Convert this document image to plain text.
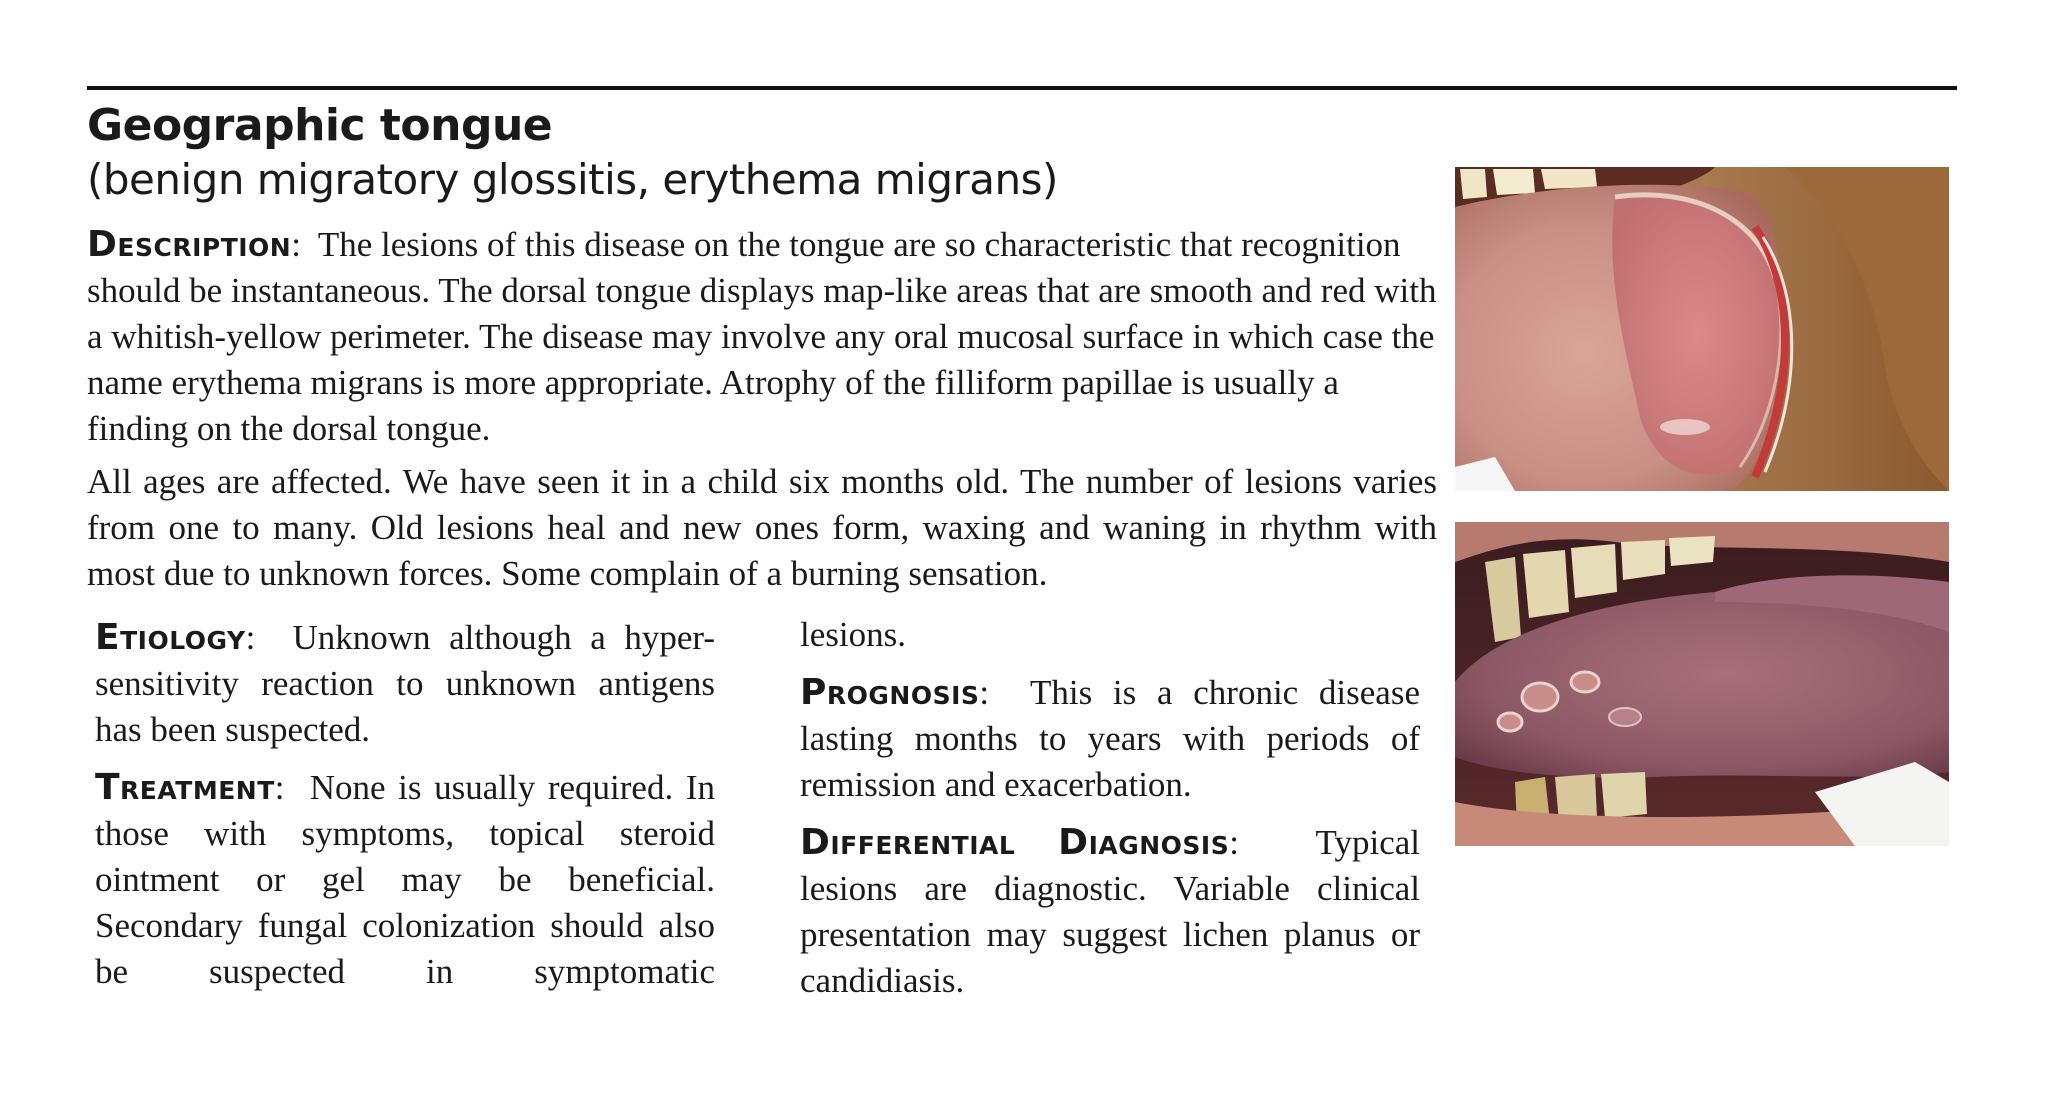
Geographic tongue
(benign migratory glossitis, erythema migrans)

Description: The lesions of this disease on the tongue are so characteristic that recognition should be instantaneous. The dorsal tongue displays map-like areas that are smooth and red with a whitish-yellow perimeter. The disease may involve any oral mucosal surface in which case the name erythema migrans is more appropriate. Atrophy of the filliform papillae is usually a finding on the dorsal tongue.

All ages are affected. We have seen it in a child six months old. The number of lesions varies from one to many. Old lesions heal and new ones form, waxing and waning in rhythm with most due to unknown forces. Some complain of a burning sensation.

Etiology: Unknown although a hyper-sensitivity reaction to unknown antigens has been suspected.

Treatment: None is usually required. In those with symptoms, topical steroid ointment or gel may be beneficial. Secondary fungal colonization should also be suspected in symptomatic

lesions.

Prognosis: This is a chronic disease lasting months to years with periods of remission and exacerbation.

Differential Diagnosis: Typical lesions are diagnostic. Variable clinical presentation may suggest lichen planus or candidiasis.
